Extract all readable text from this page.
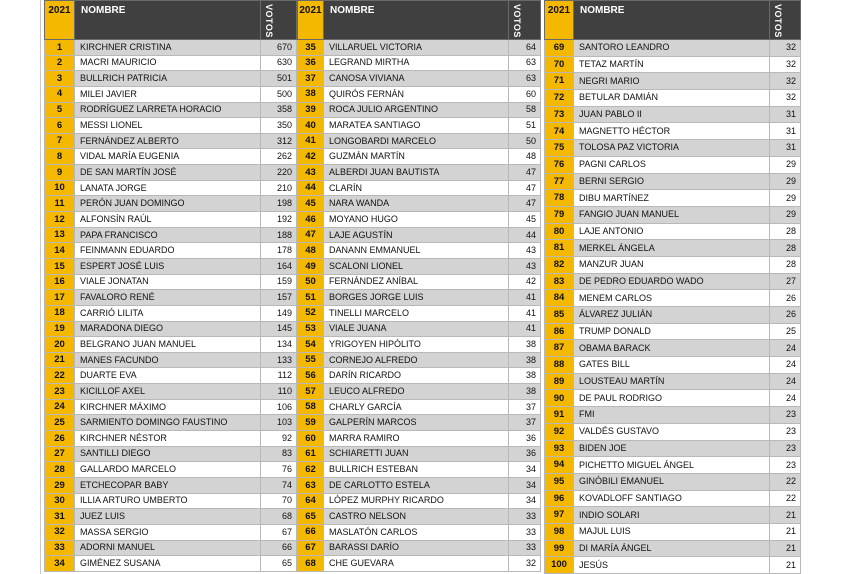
2021	NOMBRE	VOTOS

1	KIRCHNER CRISTINA	670
2	MACRI MAURICIO	630
3	BULLRICH PATRICIA	501
4	MILEI JAVIER	500
5	RODRÍGUEZ LARRETA HORACIO	358
6	MESSI LIONEL	350
7	FERNÁNDEZ ALBERTO	312
8	VIDAL MARÍA EUGENIA	262
9	DE SAN MARTÍN JOSÉ	220
10	LANATA JORGE	210
11	PERÓN JUAN DOMINGO	198
12	ALFONSÍN RAÚL	192
13	PAPA FRANCISCO	188
14	FEINMANN EDUARDO	178
15	ESPERT JOSÉ LUIS	164
16	VIALE JONATAN	159
17	FAVALORO RENÉ	157
18	CARRIÓ LILITA	149
19	MARADONA DIEGO	145
20	BELGRANO JUAN MANUEL	134
21	MANES FACUNDO	133
22	DUARTE EVA	112
23	KICILLOF AXEL	110
24	KIRCHNER MÁXIMO	106
25	SARMIENTO DOMINGO FAUSTINO	103
26	KIRCHNER NÉSTOR	92
27	SANTILLI DIEGO	83
28	GALLARDO MARCELO	76
29	ETCHECOPAR BABY	74
30	ILLIA ARTURO UMBERTO	70
31	JUEZ LUIS	68
32	MASSA SERGIO	67
33	ADORNI MANUEL	66
34	GIMÉNEZ SUSANA	65
2021	NOMBRE	VOTOS

35	VILLARUEL VICTORIA	64
36	LEGRAND MIRTHA	63
37	CANOSA VIVIANA	63
38	QUIRÓS FERNÁN	60
39	ROCA JULIO ARGENTINO	58
40	MARATEA SANTIAGO	51
41	LONGOBARDI MARCELO	50
42	GUZMÁN MARTÍN	48
43	ALBERDI JUAN BAUTISTA	47
44	CLARÍN	47
45	NARA WANDA	47
46	MOYANO HUGO	45
47	LAJE AGUSTÍN	44
48	DANANN EMMANUEL	43
49	SCALONI LIONEL	43
50	FERNÁNDEZ ANÍBAL	42
51	BORGES JORGE LUIS	41
52	TINELLI MARCELO	41
53	VIALE JUANA	41
54	YRIGOYEN HIPÓLITO	38
55	CORNEJO ALFREDO	38
56	DARÍN RICARDO	38
57	LEUCO ALFREDO	38
58	CHARLY GARCÍA	37
59	GALPERÍN MARCOS	37
60	MARRA RAMIRO	36
61	SCHIARETTI JUAN	36
62	BULLRICH ESTEBAN	34
63	DE CARLOTTO ESTELA	34
64	LÓPEZ MURPHY RICARDO	34
65	CASTRO NELSON	33
66	MASLATÓN CARLOS	33
67	BARASSI DARÍO	33
68	CHE GUEVARA	32
2021	NOMBRE	VOTOS

69	SANTORO LEANDRO	32
70	TETAZ MARTÍN	32
71	NEGRI MARIO	32
72	BETULAR DAMIÁN	32
73	JUAN PABLO II	31
74	MAGNETTO HÉCTOR	31
75	TOLOSA PAZ VICTORIA	31
76	PAGNI CARLOS	29
77	BERNI SERGIO	29
78	DIBU MARTÍNEZ	29
79	FANGIO JUAN MANUEL	29
80	LAJE ANTONIO	28
81	MERKEL ÁNGELA	28
82	MANZUR JUAN	28
83	DE PEDRO EDUARDO WADO	27
84	MENEM CARLOS	26
85	ÁLVAREZ JULIÁN	26
86	TRUMP DONALD	25
87	OBAMA BARACK	24
88	GATES BILL	24
89	LOUSTEAU MARTÍN	24
90	DE PAUL RODRIGO	24
91	FMI	23
92	VALDÉS GUSTAVO	23
93	BIDEN JOE	23
94	PICHETTO MIGUEL ÁNGEL	23
95	GINÓBILI EMANUEL	22
96	KOVADLOFF SANTIAGO	22
97	INDIO SOLARI	21
98	MAJUL LUIS	21
99	DI MARÍA ÁNGEL	21
100	JESÚS	21
